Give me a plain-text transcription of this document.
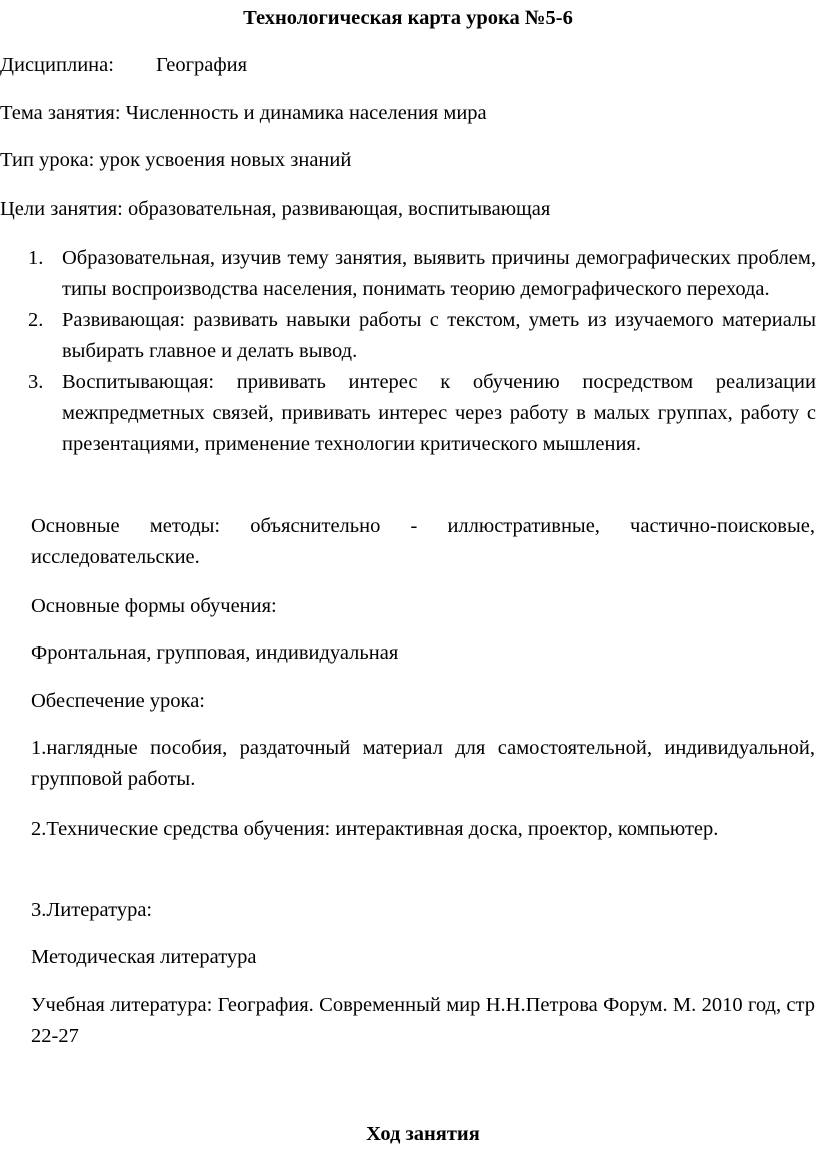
Технологическая карта урока №5-6
Дисциплина: География
Тема занятия: Численность и динамика населения мира
Тип урока: урок усвоения новых знаний
Цели занятия: образовательная, развивающая, воспитывающая
1. Образовательная, изучив тему занятия, выявить причины демографических проблем, типы воспроизводства населения, понимать теорию демографического перехода.
2. Развивающая: развивать навыки работы с текстом, уметь из изучаемого материалы выбирать главное и делать вывод.
3. Воспитывающая: прививать интерес к обучению посредством реализации межпредметных связей, прививать интерес через работу в малых группах, работу с презентациями, применение технологии критического мышления.
Основные методы: объяснительно - иллюстративные, частично-поисковые, исследовательские.
Основные формы обучения:
Фронтальная, групповая, индивидуальная
Обеспечение урока:
1.наглядные пособия, раздаточный материал для самостоятельной, индивидуальной, групповой работы.
2.Технические средства обучения: интерактивная доска, проектор, компьютер.
3.Литература:
Методическая литература
Учебная литература: География. Современный мир Н.Н.Петрова Форум. М. 2010 год, стр 22-27
Ход занятия
